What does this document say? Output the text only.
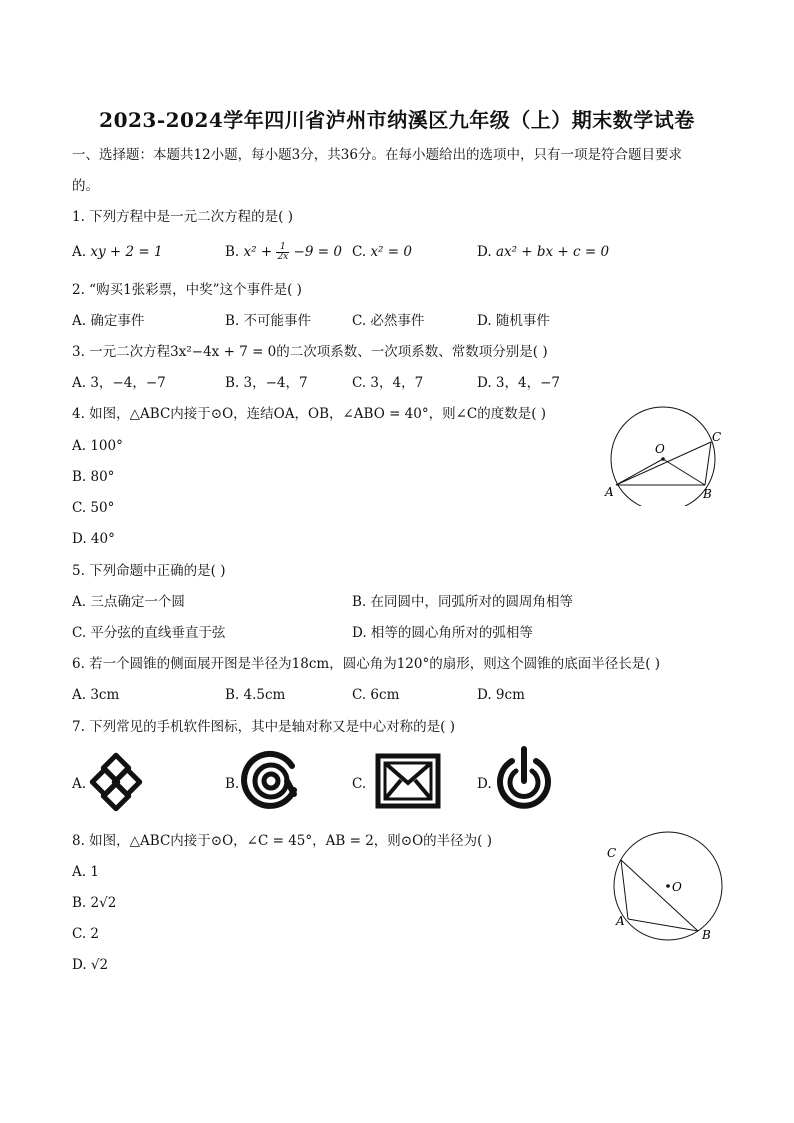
2023-2024学年四川省泸州市纳溪区九年级（上）期末数学试卷
一、选择题：本题共12小题，每小题3分，共36分。在每小题给出的选项中，只有一项是符合题目要求
的。
1. 下列方程中是一元二次方程的是( )
A. xy + 2 = 1	B. $x^2 + \frac{1}{2x} -9 = 0$ C. x² = 0	D. ax² + bx + c = 0
2. “购买1张彩票，中奖”这个事件是( )
A. 确定事件	B. 不可能事件	C. 必然事件	D. 随机事件
3. 一元二次方程3x²−4x + 7 = 0的二次项系数、一次项系数、常数项分别是( )
A. 3，−4，−7	B. 3，−4，7	C. 3，4，7	D. 3，4，−7
4. 如图，△ABC内接于⊙O，连结OA，OB，∠ABO = 40°，则∠C的度数是( )
A. 100°
B. 80°
C. 50°
D. 40°
O
A	B
C
5. 下列命题中正确的是( )
A. 三点确定一个圆	B. 在同圆中，同弧所对的圆周角相等
C. 平分弦的直线垂直于弦	D. 相等的圆心角所对的弧相等
6. 若一个圆锥的侧面展开图是半径为18cm，圆心角为120°的扇形，则这个圆锥的底面半径长是( )
A. 3cm	B. 4.5cm	C. 6cm	D. 9cm
7. 下列常见的手机软件图标，其中是轴对称又是中心对称的是( )
A.	B.	C.	D.
8. 如图，△ABC内接于⊙O，∠C = 45°，AB = 2，则⊙O的半径为( )
A. 1
B. 2√2
C. 2
D. √2
O
A
B
C
